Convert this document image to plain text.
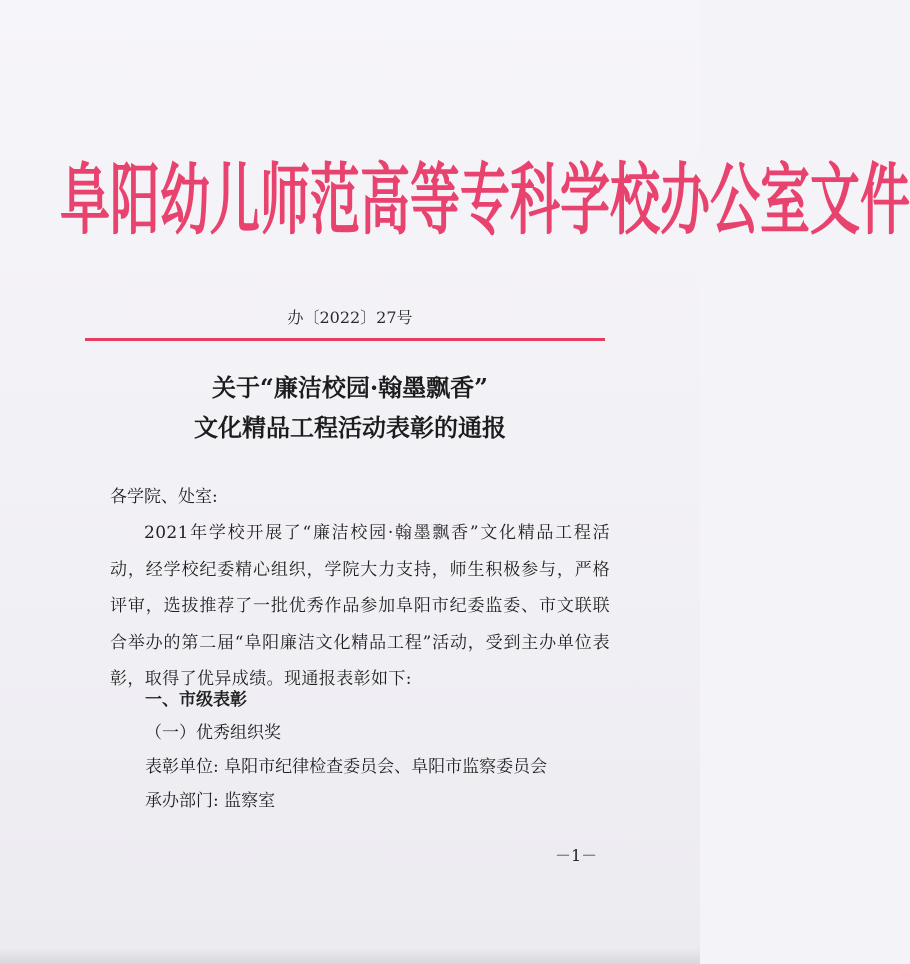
阜阳幼儿师范高等专科学校办公室文件
办〔2022〕27号
关于“廉洁校园·翰墨飘香”
文化精品工程活动表彰的通报
各学院、处室:
2021年学校开展了“廉洁校园·翰墨飘香”文化精品工程活动，经学校纪委精心组织，学院大力支持，师生积极参与，严格评审，选拔推荐了一批优秀作品参加阜阳市纪委监委、市文联联合举办的第二届“阜阳廉洁文化精品工程”活动，受到主办单位表彰，取得了优异成绩。现通报表彰如下:
一、市级表彰
（一）优秀组织奖
表彰单位: 阜阳市纪律检查委员会、阜阳市监察委员会
承办部门: 监察室
－1－
